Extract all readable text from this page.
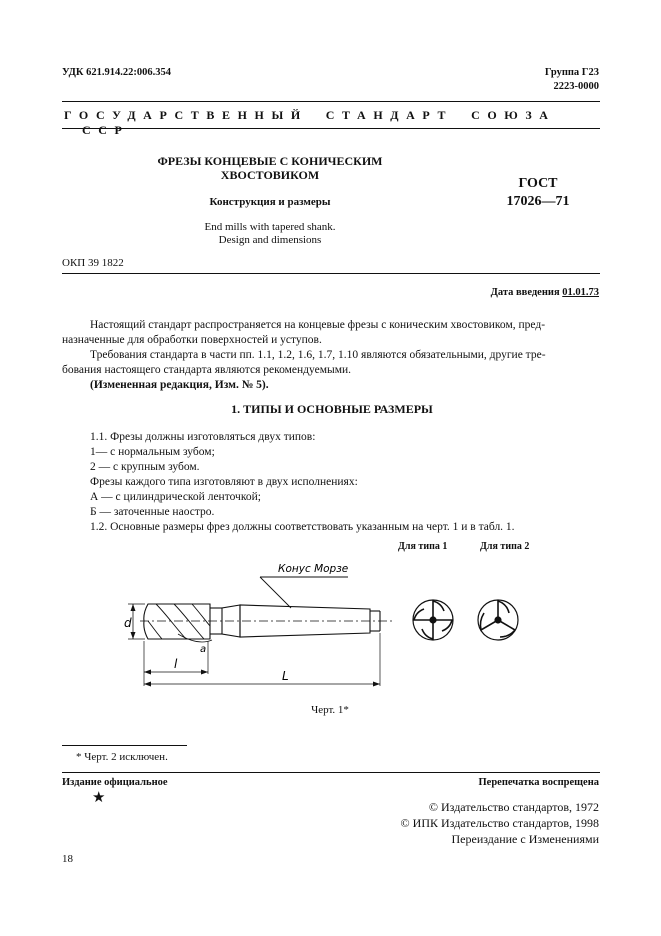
УДК 621.914.22:006.354	Группа Г23
2223-0000
ГОСУДАРСТВЕННЫЙ СТАНДАРТ СОЮЗАССР
ФРЕЗЫ КОНЦЕВЫЕ С КОНИЧЕСКИМ
ХВОСТОВИКОМ
Конструкция и размеры
End mills with tapered shank.
Design and dimensions
ГОСТ
17026—71
ОКП 39 1822
Дата введения 01.01.73
Настоящий стандарт распространяется на концевые фрезы с коническим хвостовиком, пред-
назначенные для обработки поверхностей и уступов.
Требования стандарта в части пп. 1.1, 1.2, 1.6, 1.7, 1.10 являются обязательными, другие тре-
бования настоящего стандарта являются рекомендуемыми.
(Измененная редакция, Изм. № 5).
1. ТИПЫ И ОСНОВНЫЕ РАЗМЕРЫ
1.1. Фрезы должны изготовляться двух типов:
1— с нормальным зубом;
2 — с крупным зубом.
Фрезы каждого типа изготовляют в двух исполнениях:
А — с цилиндрической ленточкой;
Б — заточенные наостро.
1.2. Основные размеры фрез должны соответствовать указанным на черт. 1 и в табл. 1.
Для типа 1	Для типа 2
Конус Морзе
d
l
L
a
Черт. 1*
* Черт. 2 исключен.
Издание официальное
★
Перепечатка воспрещена
© Издательство стандартов, 1972
© ИПК Издательство стандартов, 1998
Переиздание с Изменениями
18
